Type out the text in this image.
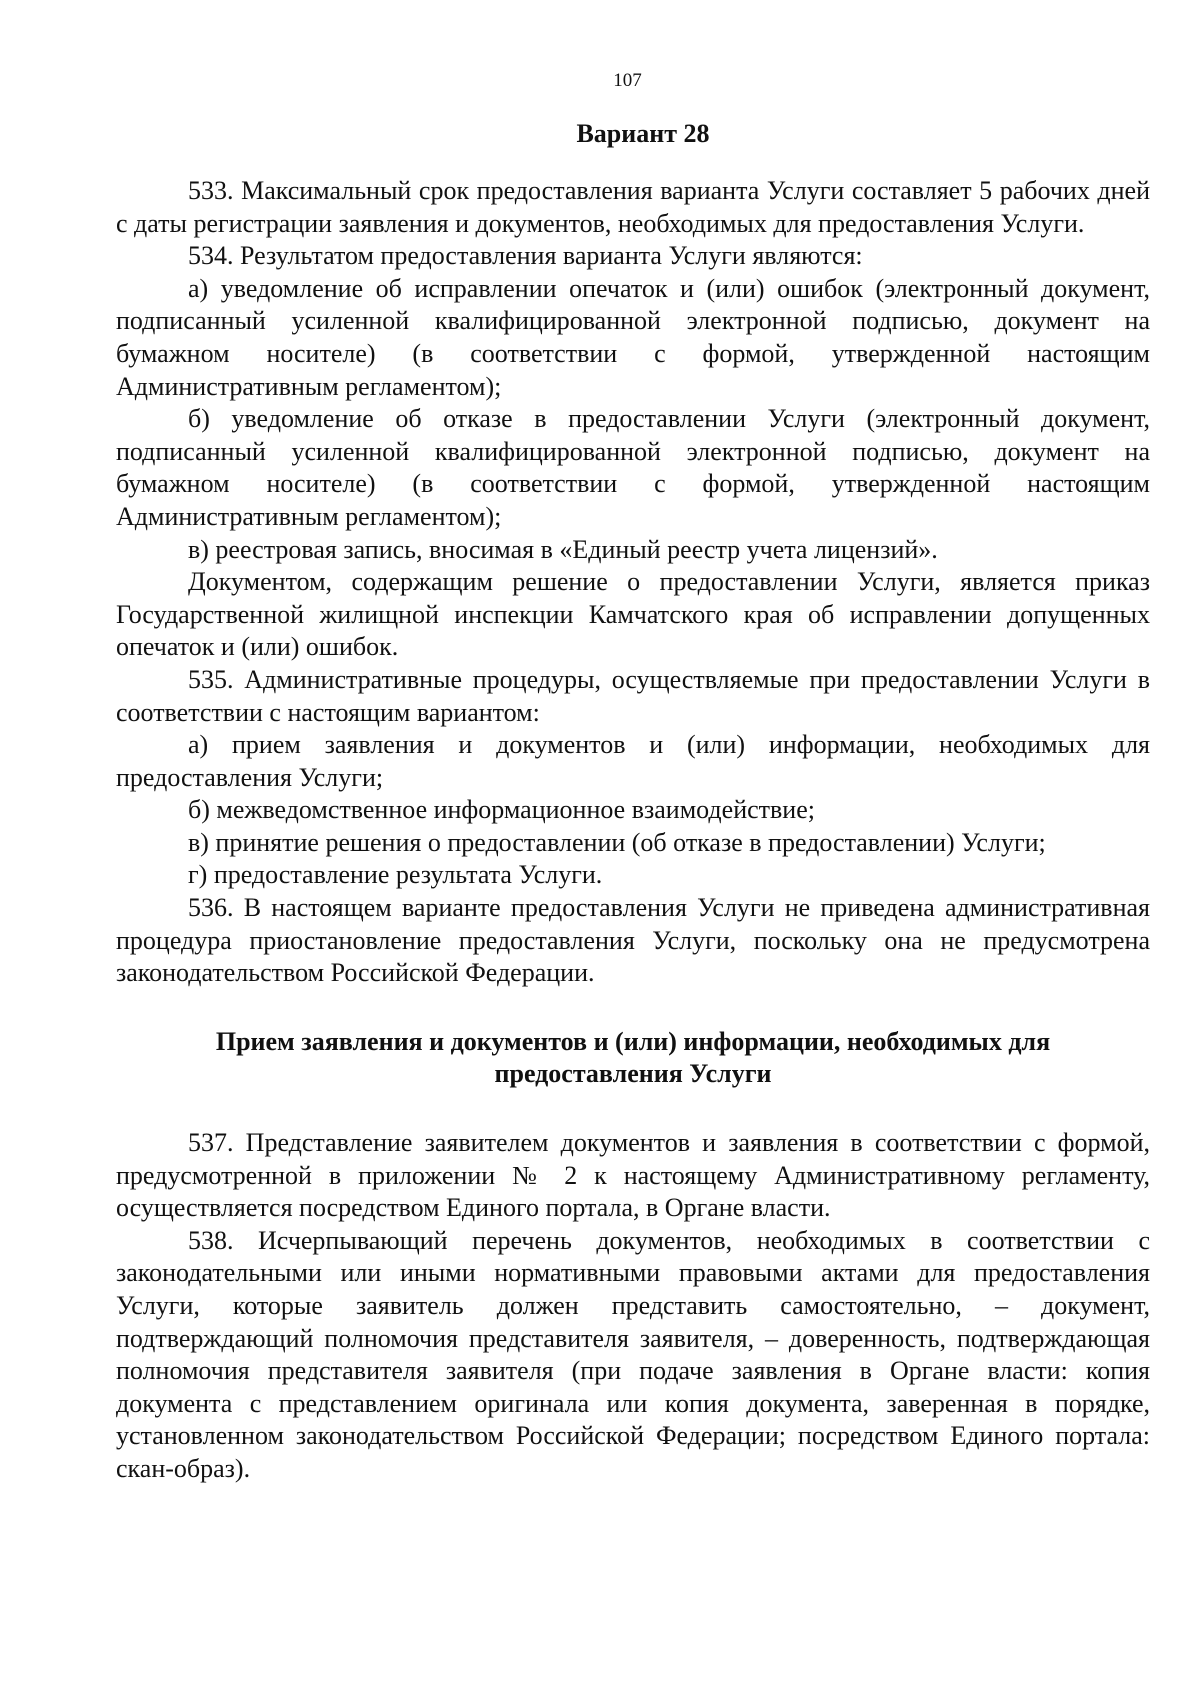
107
Вариант 28

533. Максимальный срок предоставления варианта Услуги составляет 5 рабочих дней с даты регистрации заявления и документов, необходимых для предоставления Услуги.

534. Результатом предоставления варианта Услуги являются:

а) уведомление об исправлении опечаток и (или) ошибок (электронный документ, подписанный усиленной квалифицированной электронной подписью, документ на бумажном носителе) (в соответствии с формой, утвержденной настоящим Административным регламентом);

б) уведомление об отказе в предоставлении Услуги (электронный документ, подписанный усиленной квалифицированной электронной подписью, документ на бумажном носителе) (в соответствии с формой, утвержденной настоящим Административным регламентом);

в) реестровая запись, вносимая в «Единый реестр учета лицензий».

Документом, содержащим решение о предоставлении Услуги, является приказ Государственной жилищной инспекции Камчатского края об исправлении допущенных опечаток и (или) ошибок.

535. Административные процедуры, осуществляемые при предоставлении Услуги в соответствии с настоящим вариантом:

а) прием заявления и документов и (или) информации, необходимых для предоставления Услуги;

б) межведомственное информационное взаимодействие;

в) принятие решения о предоставлении (об отказе в предоставлении) Услуги;

г) предоставление результата Услуги.

536. В настоящем варианте предоставления Услуги не приведена административная процедура приостановление предоставления Услуги, поскольку она не предусмотрена законодательством Российской Федерации.

Прием заявления и документов и (или) информации, необходимых для
предоставления Услуги

537. Представление заявителем документов и заявления в соответствии с формой, предусмотренной в приложении № 2 к настоящему Административному регламенту, осуществляется посредством Единого портала, в Органе власти.

538. Исчерпывающий перечень документов, необходимых в соответствии с законодательными или иными нормативными правовыми актами для предоставления Услуги, которые заявитель должен представить самостоятельно, – документ, подтверждающий полномочия представителя заявителя, – доверенность, подтверждающая полномочия представителя заявителя (при подаче заявления в Органе власти: копия документа с представлением оригинала или копия документа, заверенная в порядке, установленном законодательством Российской Федерации; посредством Единого портала: скан-образ).
